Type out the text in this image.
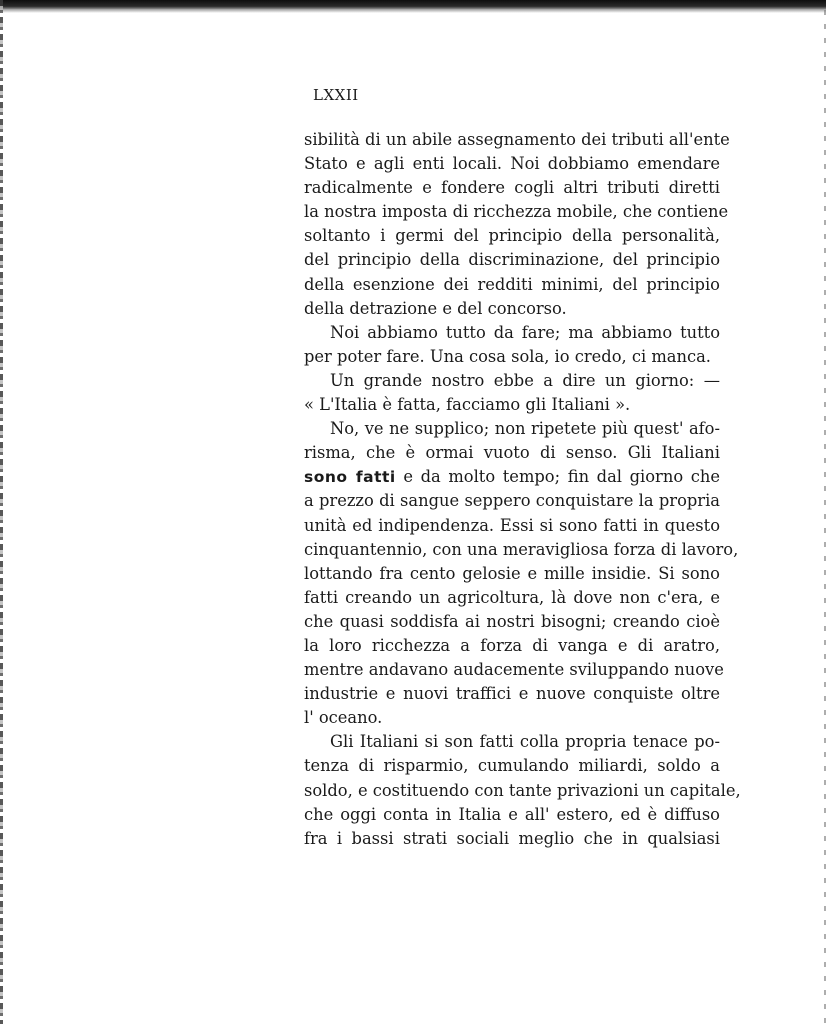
LXXII
sibilità di un abile assegnamento dei tributi all'ente
Stato e agli enti locali. Noi dobbiamo emendare
radicalmente e fondere cogli altri tributi diretti
la nostra imposta di ricchezza mobile, che contiene
soltanto i germi del principio della personalità,
del principio della discriminazione, del principio
della esenzione dei redditi minimi, del principio
della detrazione e del concorso.
Noi abbiamo tutto da fare; ma abbiamo tutto
per poter fare. Una cosa sola, io credo, ci manca.
Un grande nostro ebbe a dire un giorno: —
« L'Italia è fatta, facciamo gli Italiani ».
No, ve ne supplico; non ripetete più quest' afo-
risma, che è ormai vuoto di senso. Gli Italiani
sono fatti e da molto tempo; fin dal giorno che
a prezzo di sangue seppero conquistare la propria
unità ed indipendenza. Essi si sono fatti in questo
cinquantennio, con una meravigliosa forza di lavoro,
lottando fra cento gelosie e mille insidie. Si sono
fatti creando un agricoltura, là dove non c'era, e
che quasi soddisfa ai nostri bisogni; creando cioè
la loro ricchezza a forza di vanga e di aratro,
mentre andavano audacemente sviluppando nuove
industrie e nuovi traffici e nuove conquiste oltre
l' oceano.
Gli Italiani si son fatti colla propria tenace po-
tenza di risparmio, cumulando miliardi, soldo a
soldo, e costituendo con tante privazioni un capitale,
che oggi conta in Italia e all' estero, ed è diffuso
fra i bassi strati sociali meglio che in qualsiasi
